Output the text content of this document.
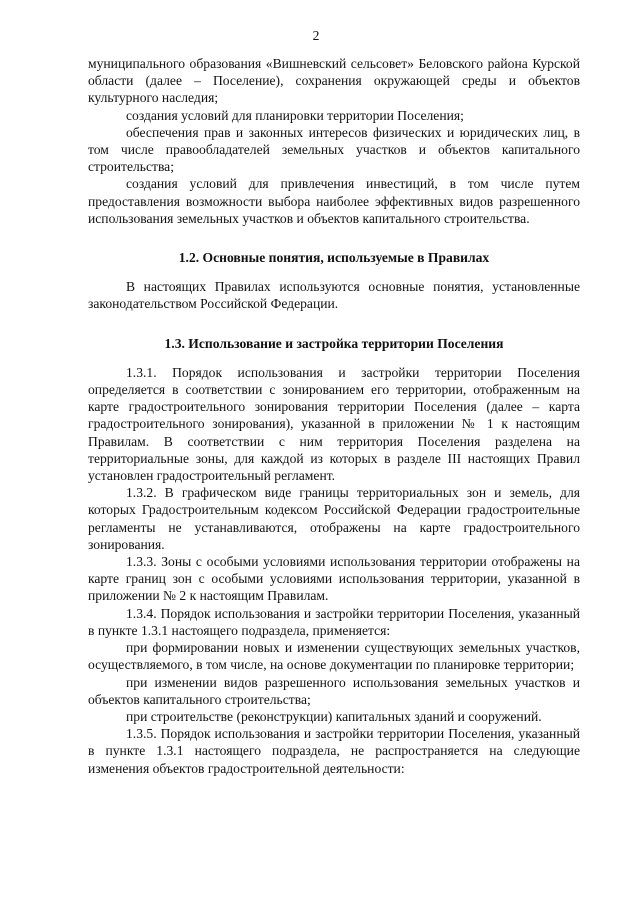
2

муниципального образования «Вишневский сельсовет» Беловского района Курской области (далее – Поселение), сохранения окружающей среды и объектов культурного наследия;

создания условий для планировки территории Поселения;

обеспечения прав и законных интересов физических и юридических лиц, в том числе правообладателей земельных участков и объектов капитального строительства;

создания условий для привлечения инвестиций, в том числе путем предоставления возможности выбора наиболее эффективных видов разрешенного использования земельных участков и объектов капитального строительства.

1.2. Основные понятия, используемые в Правилах

В настоящих Правилах используются основные понятия, установленные законодательством Российской Федерации.

1.3. Использование и застройка территории Поселения

1.3.1. Порядок использования и застройки территории Поселения определяется в соответствии с зонированием его территории, отображенным на карте градостроительного зонирования территории Поселения (далее – карта градостроительного зонирования), указанной в приложении № 1 к настоящим Правилам. В соответствии с ним территория Поселения разделена на территориальные зоны, для каждой из которых в разделе III настоящих Правил установлен градостроительный регламент.

1.3.2. В графическом виде границы территориальных зон и земель, для которых Градостроительным кодексом Российской Федерации градостроительные регламенты не устанавливаются, отображены на карте градостроительного зонирования.

1.3.3. Зоны с особыми условиями использования территории отображены на карте границ зон с особыми условиями использования территории, указанной в приложении № 2 к настоящим Правилам.

1.3.4. Порядок использования и застройки территории Поселения, указанный в пункте 1.3.1 настоящего подраздела, применяется:

при формировании новых и изменении существующих земельных участков, осуществляемого, в том числе, на основе документации по планировке территории;

при изменении видов разрешенного использования земельных участков и объектов капитального строительства;

при строительстве (реконструкции) капитальных зданий и сооружений.

1.3.5. Порядок использования и застройки территории Поселения, указанный в пункте 1.3.1 настоящего подраздела, не распространяется на следующие изменения объектов градостроительной деятельности:
